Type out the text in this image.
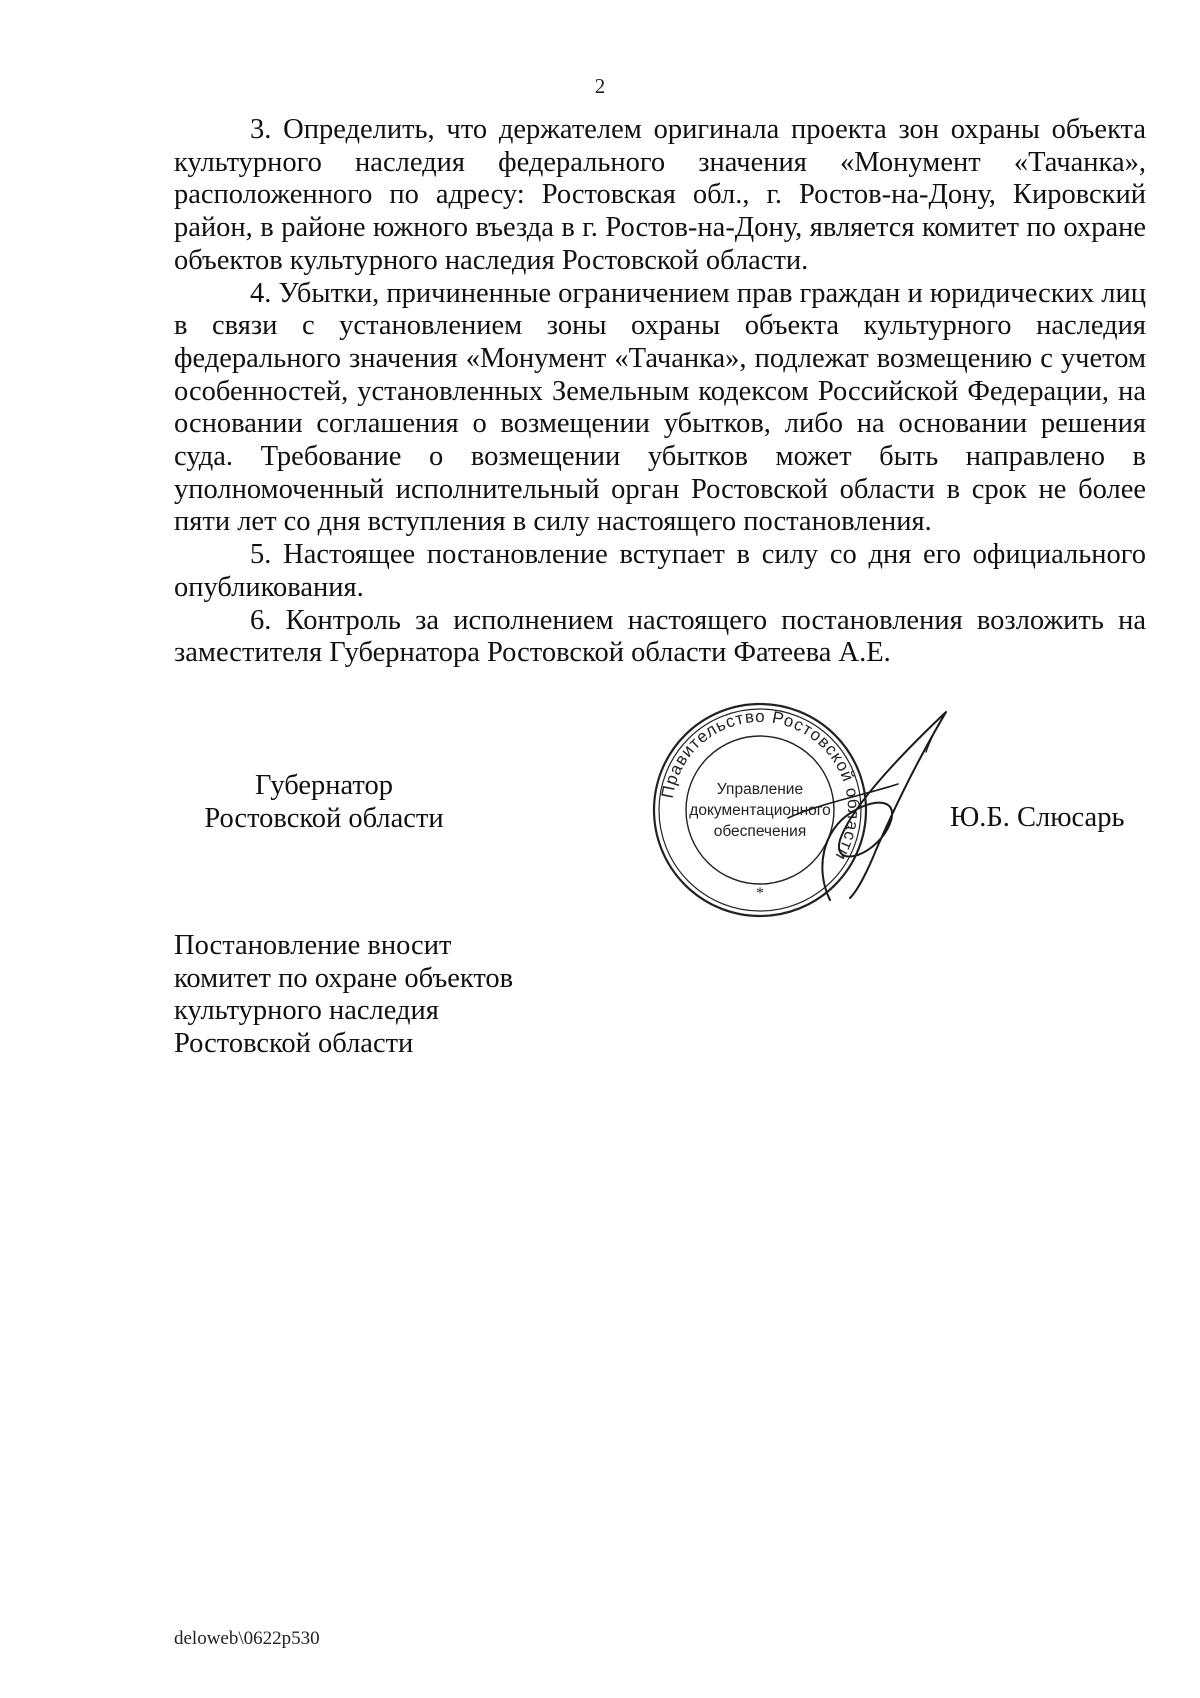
2

3. Определить, что держателем оригинала проекта зон охраны объекта культурного наследия федерального значения «Монумент «Тачанка», расположенного по адресу: Ростовская обл., г. Ростов-на-Дону, Кировский район, в районе южного въезда в г. Ростов-на-Дону, является комитет по охране объектов культурного наследия Ростовской области.

4. Убытки, причиненные ограничением прав граждан и юридических лиц в связи с установлением зоны охраны объекта культурного наследия федерального значения «Монумент «Тачанка», подлежат возмещению с учетом особенностей, установленных Земельным кодексом Российской Федерации, на основании соглашения о возмещении убытков, либо на основании решения суда. Требование о возмещении убытков может быть направлено в уполномоченный исполнительный орган Ростовской области в срок не более пяти лет со дня вступления в силу настоящего постановления.

5. Настоящее постановление вступает в силу со дня его официального опубликования.

6. Контроль за исполнением настоящего постановления возложить на заместителя Губернатора Ростовской области Фатеева А.Е.

Губернатор
Ростовской области
Правительство Ростовской области
*
Управление
документационного
обеспечения	Ю.Б. Слюсарь
Постановление вносит
комитет по охране объектов
культурного наследия
Ростовской области
deloweb\0622p530
